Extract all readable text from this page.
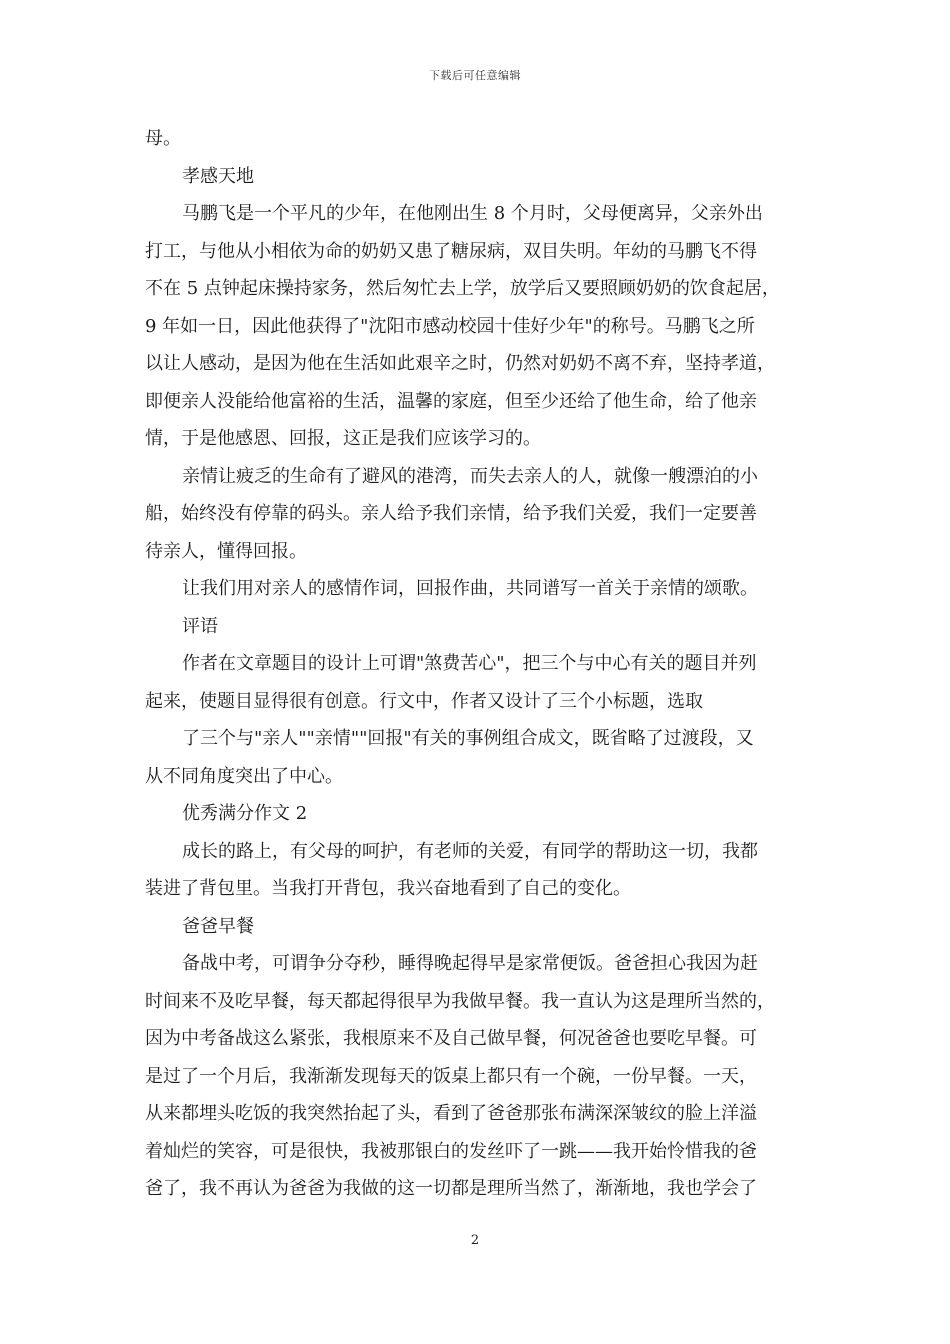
下载后可任意编辑
母。
孝感天地
马鹏飞是一个平凡的少年，在他刚出生 8 个月时，父母便离异，父亲外出
打工，与他从小相依为命的奶奶又患了糖尿病，双目失明。年幼的马鹏飞不得
不在 5 点钟起床操持家务，然后匆忙去上学，放学后又要照顾奶奶的饮食起居，
9 年如一日，因此他获得了"沈阳市感动校园十佳好少年"的称号。马鹏飞之所
以让人感动，是因为他在生活如此艰辛之时，仍然对奶奶不离不弃，坚持孝道，
即便亲人没能给他富裕的生活，温馨的家庭，但至少还给了他生命，给了他亲
情，于是他感恩、回报，这正是我们应该学习的。
亲情让疲乏的生命有了避风的港湾，而失去亲人的人，就像一艘漂泊的小
船，始终没有停靠的码头。亲人给予我们亲情，给予我们关爱，我们一定要善
待亲人，懂得回报。
让我们用对亲人的感情作词，回报作曲，共同谱写一首关于亲情的颂歌。
评语
作者在文章题目的设计上可谓"煞费苦心"，把三个与中心有关的题目并列
起来，使题目显得很有创意。行文中，作者又设计了三个小标题，选取
了三个与"亲人""亲情""回报"有关的事例组合成文，既省略了过渡段，又
从不同角度突出了中心。
优秀满分作文 2
成长的路上，有父母的呵护，有老师的关爱，有同学的帮助这一切，我都
装进了背包里。当我打开背包，我兴奋地看到了自己的变化。
爸爸早餐
备战中考，可谓争分夺秒，睡得晚起得早是家常便饭。爸爸担心我因为赶
时间来不及吃早餐，每天都起得很早为我做早餐。我一直认为这是理所当然的，
因为中考备战这么紧张，我根原来不及自己做早餐，何况爸爸也要吃早餐。可
是过了一个月后，我渐渐发现每天的饭桌上都只有一个碗，一份早餐。一天，
从来都埋头吃饭的我突然抬起了头，看到了爸爸那张布满深深皱纹的脸上洋溢
着灿烂的笑容，可是很快，我被那银白的发丝吓了一跳——我开始怜惜我的爸
爸了，我不再认为爸爸为我做的这一切都是理所当然了，渐渐地，我也学会了
2
